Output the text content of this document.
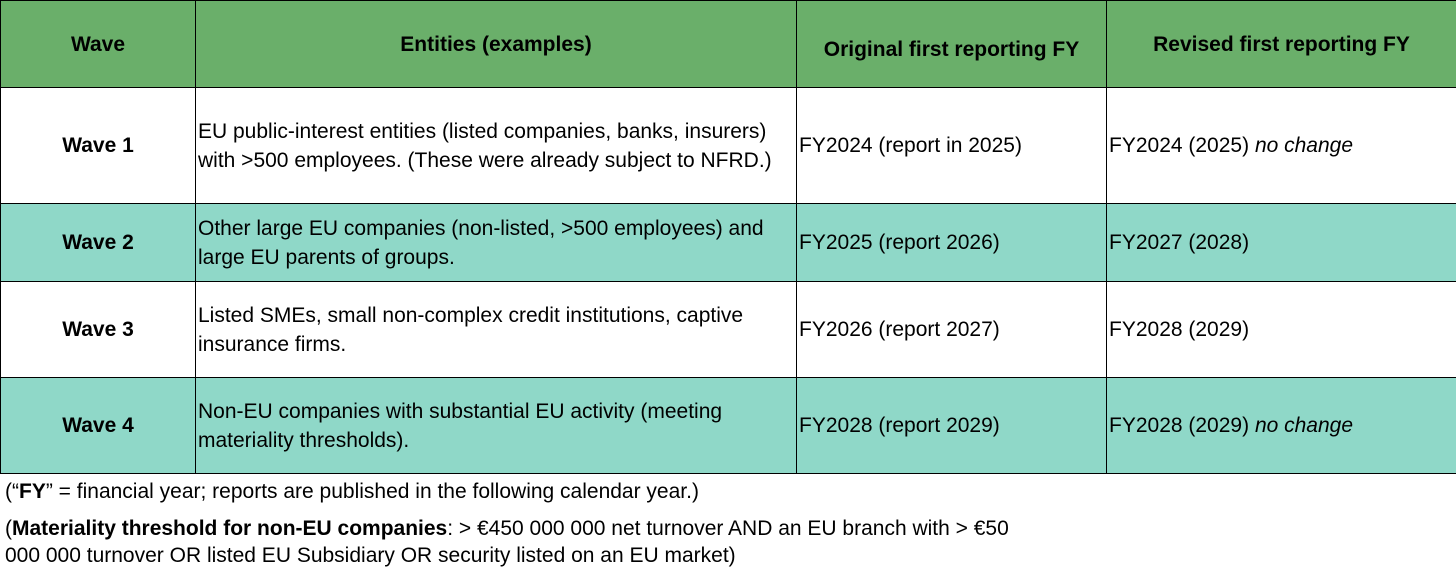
Wave	Entities (examples)	Original first reporting FY	Revised first reporting FY
Wave 1	EU public-interest entities (listed companies, banks, insurers) with >500 employees. (These were already subject to NFRD.)	FY2024 (report in 2025)	FY2024 (2025) no change
Wave 2	Other large EU companies (non-listed, >500 employees) and large EU parents of groups.	FY2025 (report 2026)	FY2027 (2028)
Wave 3	Listed SMEs, small non-complex credit institutions, captive insurance firms.	FY2026 (report 2027)	FY2028 (2029)
Wave 4	Non-EU companies with substantial EU activity (meeting materiality thresholds).	FY2028 (report 2029)	FY2028 (2029) no change

(“FY” = financial year; reports are published in the following calendar year.)

(Materiality threshold for non-EU companies: > €450 000 000 net turnover AND an EU branch with > €50 000 000 turnover OR listed EU Subsidiary OR security listed on an EU market)
